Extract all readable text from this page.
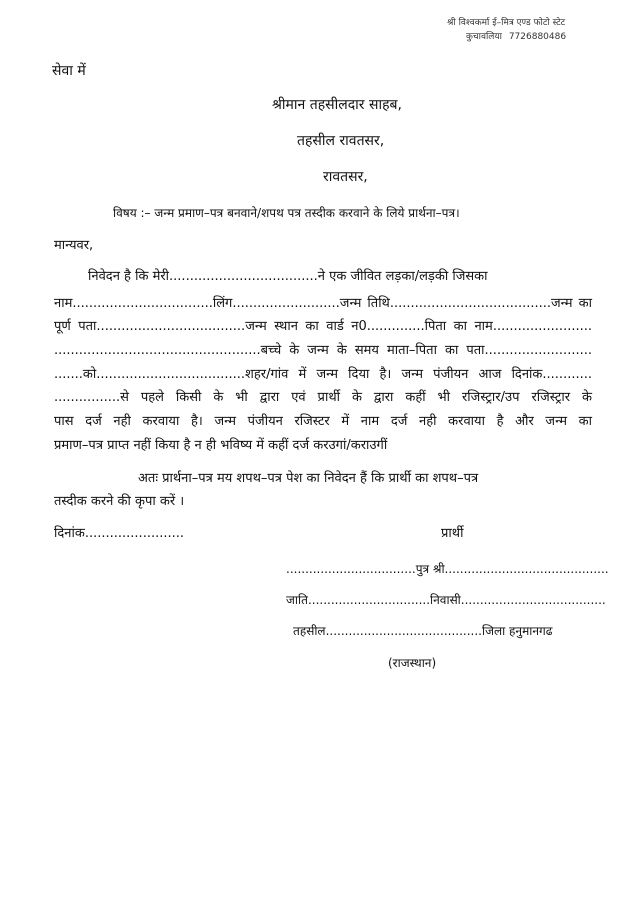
श्री विश्‍वकर्मा ई–मित्र एण्ड फोटो स्टेट
कुचावलिया 7726880486
सेवा में
श्रीमान तहसीलदार साहब,
तहसील रावतसर,
रावतसर,
विषय :– जन्म प्रमाण–पत्र बनवाने/शपथ पत्र तस्दीक करवाने के लिये प्रार्थना–पत्र।
मान्यवर,
निवेदन है कि मेरी....................................ने एक जीवित लड़का/लड़की जिसका
नाम..................................लिंग..........................जन्म तिथि.......................................जन्म का
पूर्ण पता....................................जन्म स्थान का वार्ड न0..............पिता का नाम........................
..................................................बच्चे के जन्म के समय माता–पिता का पता..........................
.......को....................................शहर/गांव में जन्म दिया है। जन्म पंजीयन आज दिनांक............
................से पहले किसी के भी द्वारा एवं प्रार्थी के द्वारा कहीं भी रजिस्ट्रार/उप रजिस्ट्रार के
पास दर्ज नही करवाया है। जन्म पंजीयन रजिस्टर में नाम दर्ज नही करवाया है और जन्म का
प्रमाण–पत्र प्राप्त नहीं किया है न ही भविष्य में कहीं दर्ज करउगां/कराउगीं
अतः प्रार्थना–पत्र मय शपथ–पत्र पेश का निवेदन हैं कि प्रार्थी का शपथ–पत्र
तस्दीक करने की कृपा करें ।
दिनांक........................	प्रार्थी
..................................पुत्र श्री...........................................
जाति................................निवासी......................................
तहसील.........................................जिला हनुमानगढ
(राजस्थान)
